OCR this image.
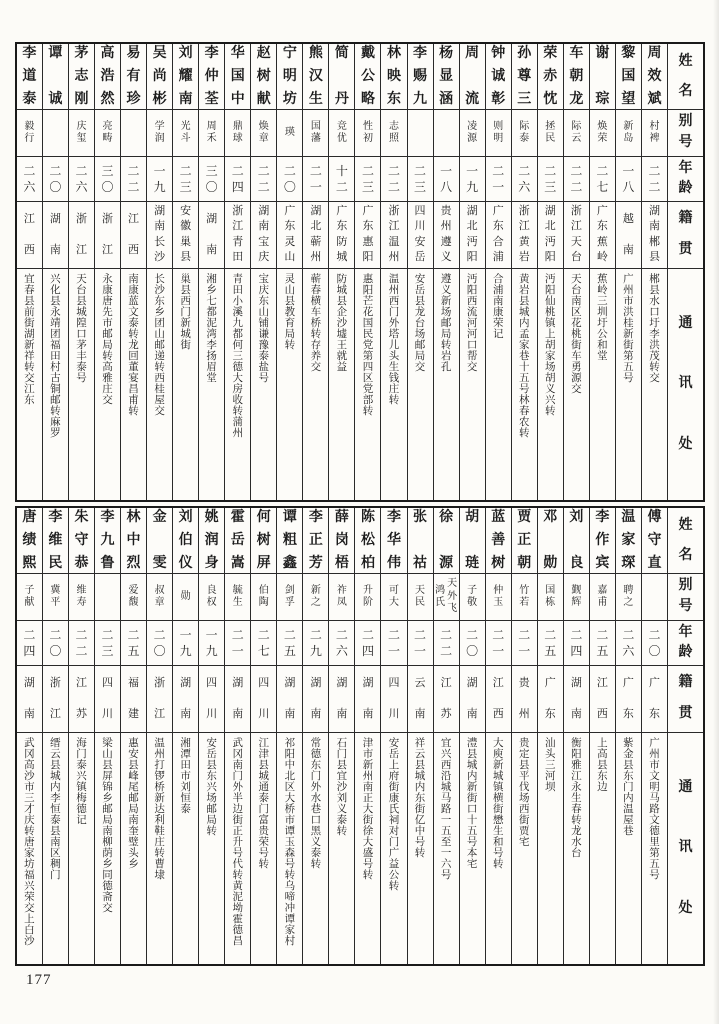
姓
名
别
号
年
龄
籍
贯
通
讯
处
周
效
斌
村
裨
二
二
湖
南
郴
县
郴
县
水
口
圩
李
洪
茂
转
交
黎
国
望
新
岛
一
八
越
南
广
州
市
洪
桂
新
街
第
五
号
谢
琮
焕
荣
二
七
广
东
蕉
岭
蕉
岭
三
圳
圩
公
和
堂
车
朝
龙
际
云
二
二
浙
江
天
台
天
台
南
区
花
桃
街
车
勇
源
交
荣
赤
忱
拯
民
二
三
湖
北
沔
阳
沔
阳
仙
桃
镇
上
胡
家
场
胡
义
兴
转
孙
尊
三
际
泰
二
六
浙
江
黄
岩
黄
岩
县
城
内
孟
家
巷
十
五
号
林
春
农
转
钟
诚
彰
则
明
二
一
广
东
合
浦
合
浦
南
康
荣
记
周
流
凌
源
一
九
湖
北
沔
阳
沔
阳
西
流
河
河
口
帮
交
杨
显
涵
一
八
贵
州
遵
义
遵
义
新
场
邮
局
转
岩
孔
李
赐
九
二
三
四
川
安
岳
安
岳
县
龙
台
场
邮
局
交
林
映
东
志
照
二
二
浙
江
温
州
温
州
西
门
外
塔
儿
头
生
钱
庄
转
戴
公
略
性
初
二
三
广
东
惠
阳
惠
阳
芒
花
国
民
党
第
四
区
党
部
转
简
丹
竞
优
十
二
广
东
防
城
防
城
县
企
沙
墟
王
就
益
熊
汉
生
国
藩
二
一
湖
北
蕲
州
蕲
春
横
车
桥
转
存
养
交
宁
明
坊
瑛
二
〇
广
东
灵
山
灵
山
县
教
育
局
转
赵
树
献
焕
章
二
二
湖
南
宝
庆
宝
庆
东
山
铺
谦
豫
泰
盐
号
华
国
中
鼎
球
二
四
浙
江
青
田
青
田
小
溪
九
都
何
三
德
大
房
收
转
蒲
州
李
仲
荃
周
禾
三
〇
湖
南
湘
乡
七
都
泥
湾
李
扬
眉
堂
刘
耀
南
光
斗
二
三
安
徽
巢
县
巢
县
西
门
新
城
街
吴
尚
彬
学
润
一
九
湖
南
长
沙
长
沙
东
乡
团
山
邮
递
转
西
桂
屋
交
易
有
珍
二
二
江
西
南
康
蓝
文
泰
转
龙
回
董
宴
昌
甫
转
高
浩
然
亮
畴
三
〇
浙
江
永
康
唐
先
市
邮
局
转
高
雅
庄
交
茅
志
刚
庆
玺
二
六
浙
江
天
台
县
城
隍
口
茅
丰
泰
号
谭
诚
二
〇
湖
南
兴
化
县
永
靖
团
福
田
村
古
铜
邮
转
麻
罗
李
道
泰
毅
行
二
六
江
西
宜
春
县
前
街
湖
新
祥
转
交
江
东
姓
名
别
号
年
龄
籍
贯
通
讯
处
傅
守
直
二
〇
广
东
广
州
市
文
明
马
路
文
德
里
第
五
号
温
家
琛
聘
之
二
六
广
东
紫
金
县
东
门
内
温
屋
巷
李
作
宾
嘉
甫
二
五
江
西
上
高
县
东
边
刘
良
觐
辉
二
四
湖
南
衡
阳
雅
江
永
生
春
转
龙
水
台
邓
勋
国
栋
二
五
广
东
汕
头
三
河
坝
贾
正
朝
竹
若
二
一
贵
州
贵
定
县
平
伐
场
西
街
贾
宅
蓝
善
树
仲
玉
二
一
江
西
大
庾
新
城
镇
横
街
懋
生
和
号
转
胡
琏
子
敬
二
〇
湖
南
澧
县
城
内
新
街
口
十
五
号
本
宅
徐
源
天
外
飞
鸿
氏
二
二
江
苏
宜
兴
西
沿
城
马
路
一
五
至
一
六
号
张
祜
天
民
二
一
云
南
祥
云
县
城
内
东
街
亿
中
号
转
李
华
伟
可
大
二
一
四
川
安
岳
上
府
街
康
氏
祠
对
门
广
益
公
转
陈
松
柏
升
阶
二
四
湖
南
津
市
新
州
南
正
大
街
徐
大
盛
号
转
薛
岗
梧
祚
凤
二
六
湖
南
石
门
县
宜
沙
刘
义
泰
转
李
正
芳
新
之
二
九
湖
南
常
德
东
门
外
水
巷
口
黑
义
泰
转
谭
粗
鑫
剑
孚
二
五
湖
南
祁
阳
中
北
区
大
桥
市
谭
玉
森
号
转
乌
啼
冲
谭
家
村
何
树
屏
伯
陶
二
七
四
川
江
津
县
城
通
泰
门
富
贵
荣
号
转
霍
岳
嵩
毓
生
二
一
湖
南
武
冈
南
门
外
半
边
街
正
升
号
代
转
黄
泥
坳
霍
德
昌
姚
润
身
良
权
一
九
四
川
安
岳
县
东
兴
场
邮
局
转
刘
伯
仪
勋
一
九
湖
南
湘
潭
田
市
刘
恒
泰
金
雯
叔
章
二
〇
浙
江
温
州
打
锣
桥
新
达
利
鞋
庄
转
曹
埭
林
中
烈
爱
馥
二
五
福
建
惠
安
县
峰
尾
邮
局
南
奎
璧
头
乡
李
九
鲁
二
三
四
川
梁
山
县
屏
锦
乡
邮
局
南
柳
荫
乡
同
德
斋
交
朱
守
恭
维
寿
二
二
江
苏
海
门
泰
兴
镇
梅
德
记
李
维
民
冀
平
二
〇
浙
江
缙
云
县
城
内
李
恒
泰
县
南
区
稠
门
唐
绩
熙
子
献
二
四
湖
南
武
冈
高
沙
市
三
才
庆
转
唐
家
坊
福
兴
荣
交
上
白
沙
177
